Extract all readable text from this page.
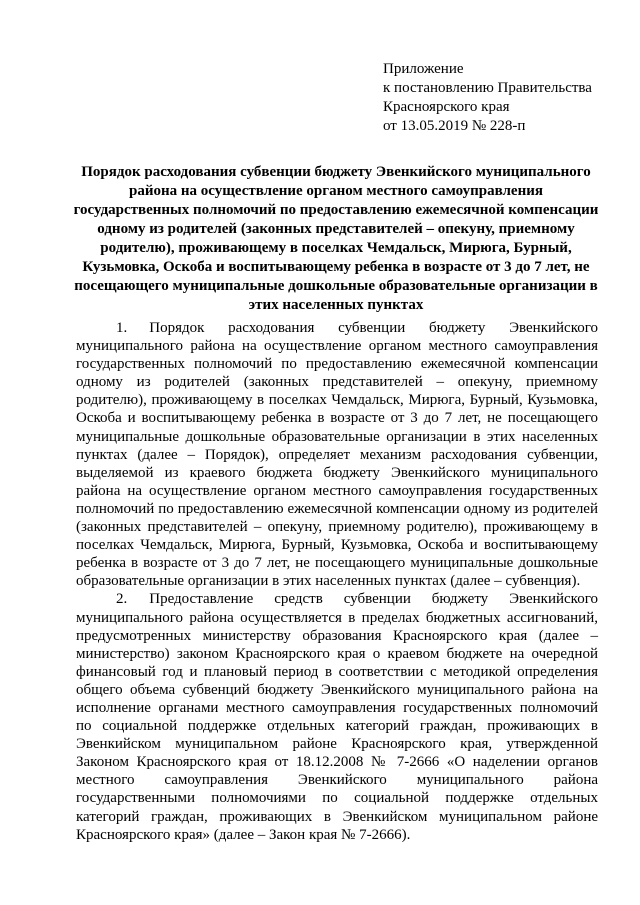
Приложение
к постановлению Правительства
Красноярского края
от 13.05.2019 № 228-п
Порядок расходования субвенции бюджету Эвенкийского муниципального района на осуществление органом местного самоуправления государственных полномочий по предоставлению ежемесячной компенсации одному из родителей (законных представителей – опекуну, приемному родителю), проживающему в поселках Чемдальск, Мирюга, Бурный, Кузьмовка, Оскоба и воспитывающему ребенка в возрасте от 3 до 7 лет, не посещающего муниципальные дошкольные образовательные организации в этих населенных пунктах

1. Порядок расходования субвенции бюджету Эвенкийского муниципального района на осуществление органом местного самоуправления государственных полномочий по предоставлению ежемесячной компенсации одному из родителей (законных представителей – опекуну, приемному родителю), проживающему в поселках Чемдальск, Мирюга, Бурный, Кузьмовка, Оскоба и воспитывающему ребенка в возрасте от 3 до 7 лет, не посещающего муниципальные дошкольные образовательные организации в этих населенных пунктах (далее – Порядок), определяет механизм расходования субвенции, выделяемой из краевого бюджета бюджету Эвенкийского муниципального района на осуществление органом местного самоуправления государственных полномочий по предоставлению ежемесячной компенсации одному из родителей (законных представителей – опекуну, приемному родителю), проживающему в поселках Чемдальск, Мирюга, Бурный, Кузьмовка, Оскоба и воспитывающему ребенка в возрасте от 3 до 7 лет, не посещающего муниципальные дошкольные образовательные организации в этих населенных пунктах (далее – субвенция).

2. Предоставление средств субвенции бюджету Эвенкийского муниципального района осуществляется в пределах бюджетных ассигнований, предусмотренных министерству образования Красноярского края (далее – министерство) законом Красноярского края о краевом бюджете на очередной финансовый год и плановый период в соответствии с методикой определения общего объема субвенций бюджету Эвенкийского муниципального района на исполнение органами местного самоуправления государственных полномочий по социальной поддержке отдельных категорий граждан, проживающих в Эвенкийском муниципальном районе Красноярского края, утвержденной Законом Красноярского края от 18.12.2008 № 7-2666 «О наделении органов местного самоуправления Эвенкийского муниципального района государственными полномочиями по социальной поддержке отдельных категорий граждан, проживающих в Эвенкийском муниципальном районе Красноярского края» (далее – Закон края № 7-2666).
